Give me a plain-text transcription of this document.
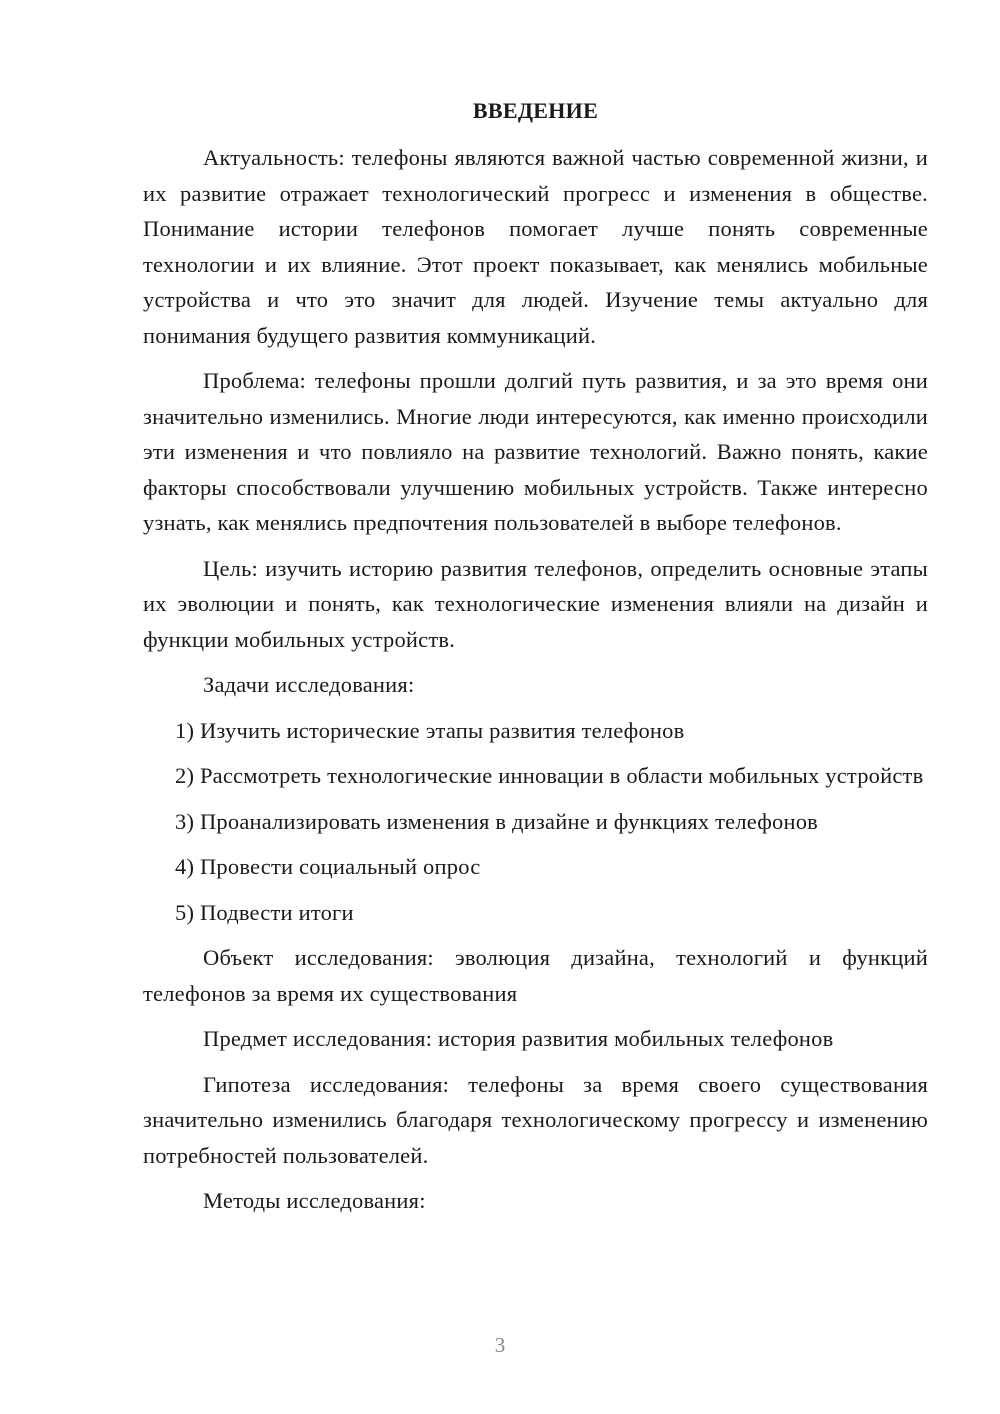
ВВЕДЕНИЕ

Актуальность: телефоны являются важной частью современной жизни, и их развитие отражает технологический прогресс и изменения в обществе. Понимание истории телефонов помогает лучше понять современные технологии и их влияние. Этот проект показывает, как менялись мобильные устройства и что это значит для людей. Изучение темы актуально для понимания будущего развития коммуникаций.

Проблема: телефоны прошли долгий путь развития, и за это время они значительно изменились. Многие люди интересуются, как именно происходили эти изменения и что повлияло на развитие технологий. Важно понять, какие факторы способствовали улучшению мобильных устройств. Также интересно узнать, как менялись предпочтения пользователей в выборе телефонов.

Цель: изучить историю развития телефонов, определить основные этапы их эволюции и понять, как технологические изменения влияли на дизайн и функции мобильных устройств.

Задачи исследования:

1) Изучить исторические этапы развития телефонов

2) Рассмотреть технологические инновации в области мобильных устройств

3) Проанализировать изменения в дизайне и функциях телефонов

4) Провести социальный опрос

5) Подвести итоги

Объект исследования: эволюция дизайна, технологий и функций телефонов за время их существования

Предмет исследования: история развития мобильных телефонов

Гипотеза исследования: телефоны за время своего существования значительно изменились благодаря технологическому прогрессу и изменению потребностей пользователей.

Методы исследования:

3
